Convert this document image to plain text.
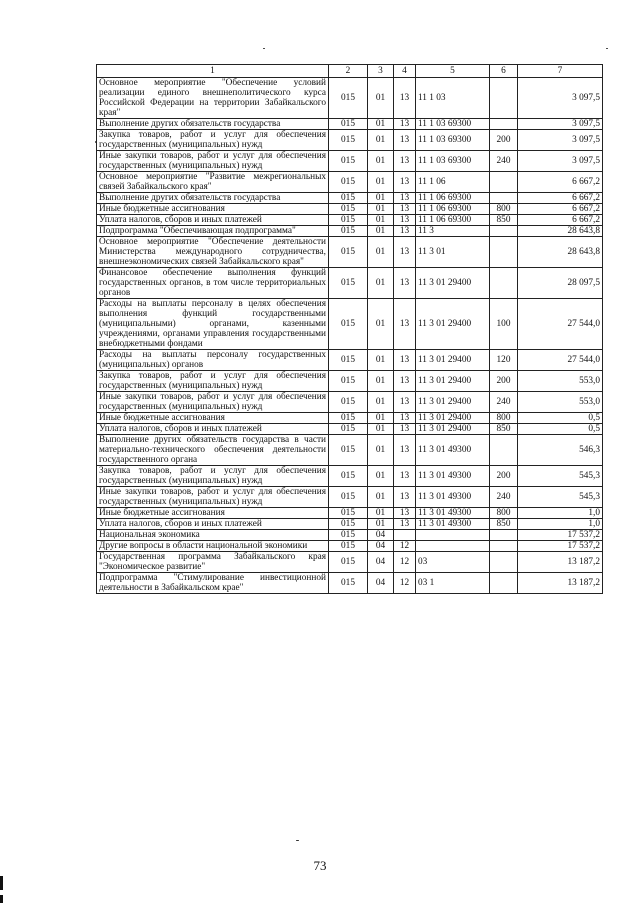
1	2	3	4	5	6	7
Основное мероприятие "Обеспечение условий реализации единого внешнеполитического курса Российской Федерации на территории Забайкальского края"	015	01	13	11 1 03		3 097,5
Выполнение других обязательств государства	015	01	13	11 1 03 69300		3 097,5
Закупка товаров, работ и услуг для обеспечения государственных (муниципальных) нужд	015	01	13	11 1 03 69300	200	3 097,5
Иные закупки товаров, работ и услуг для обеспечения государственных (муниципальных) нужд	015	01	13	11 1 03 69300	240	3 097,5
Основное мероприятие "Развитие межрегиональных связей Забайкальского края"	015	01	13	11 1 06		6 667,2
Выполнение других обязательств государства	015	01	13	11 1 06 69300		6 667,2
Иные бюджетные ассигнования	015	01	13	11 1 06 69300	800	6 667,2
Уплата налогов, сборов и иных платежей	015	01	13	11 1 06 69300	850	6 667,2
Подпрограмма "Обеспечивающая подпрограмма"	015	01	13	11 3		28 643,8
Основное мероприятие "Обеспечение деятельности Министерства международного сотрудничества, внешнеэкономических связей Забайкальского края"	015	01	13	11 3 01		28 643,8
Финансовое обеспечение выполнения функций государственных органов, в том числе территориальных органов	015	01	13	11 3 01 29400		28 097,5
Расходы на выплаты персоналу в целях обеспечения выполнения функций государственными (муниципальными) органами, казенными учреждениями, органами управления государственными внебюджетными фондами	015	01	13	11 3 01 29400	100	27 544,0
Расходы на выплаты персоналу государственных (муниципальных) органов	015	01	13	11 3 01 29400	120	27 544,0
Закупка товаров, работ и услуг для обеспечения государственных (муниципальных) нужд	015	01	13	11 3 01 29400	200	553,0
Иные закупки товаров, работ и услуг для обеспечения государственных (муниципальных) нужд	015	01	13	11 3 01 29400	240	553,0
Иные бюджетные ассигнования	015	01	13	11 3 01 29400	800	0,5
Уплата налогов, сборов и иных платежей	015	01	13	11 3 01 29400	850	0,5
Выполнение других обязательств государства в части материально-технического обеспечения деятельности государственного органа	015	01	13	11 3 01 49300		546,3
Закупка товаров, работ и услуг для обеспечения государственных (муниципальных) нужд	015	01	13	11 3 01 49300	200	545,3
Иные закупки товаров, работ и услуг для обеспечения государственных (муниципальных) нужд	015	01	13	11 3 01 49300	240	545,3
Иные бюджетные ассигнования	015	01	13	11 3 01 49300	800	1,0
Уплата налогов, сборов и иных платежей	015	01	13	11 3 01 49300	850	1,0
Национальная экономика	015	04				17 537,2
Другие вопросы в области национальной экономики	015	04	12			17 537,2
Государственная программа Забайкальского края "Экономическое развитие"	015	04	12	03		13 187,2
Подпрограмма "Стимулирование инвестиционной деятельности в Забайкальском крае"	015	04	12	03 1		13 187,2
73
